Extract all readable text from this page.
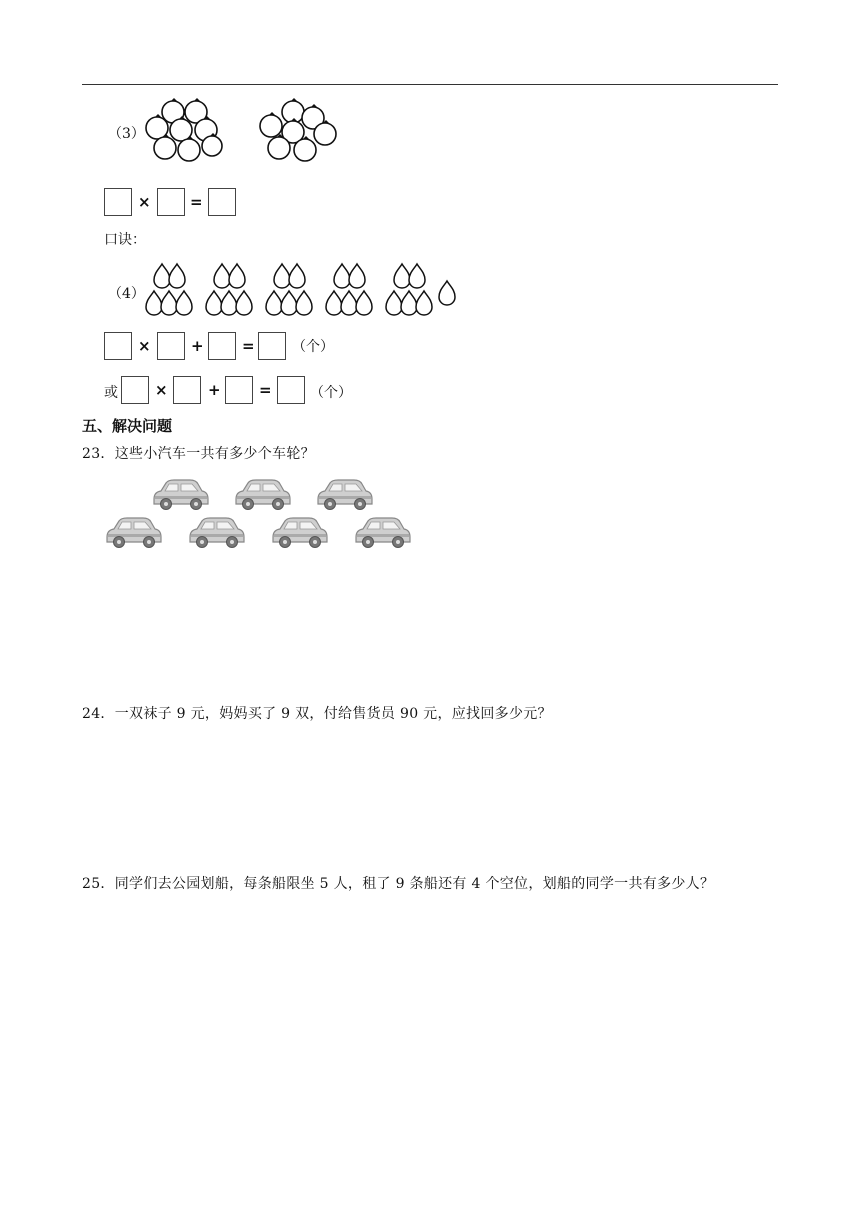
（3）
×	=
口诀：
（4）
×	+	=	（个）
或 ×	+	=	（个）
五、解决问题
23．这些小汽车一共有多少个车轮？
24．一双袜子 9 元，妈妈买了 9 双，付给售货员 90 元，应找回多少元？
25．同学们去公园划船，每条船限坐 5 人，租了 9 条船还有 4 个空位，划船的同学一共有多少人？
